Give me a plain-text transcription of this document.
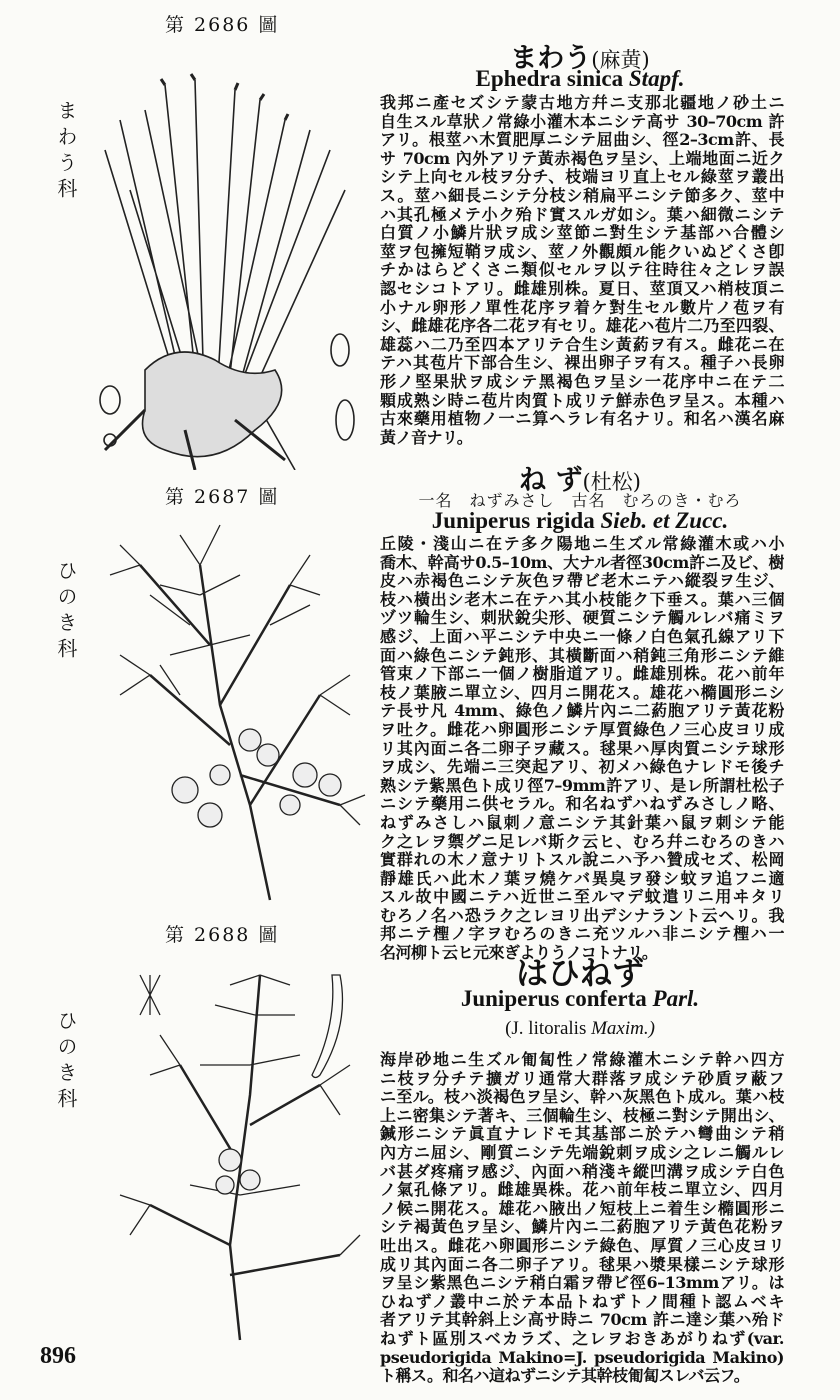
第 2686 圖
まわう科
第 2687 圖
ひのき科
第 2688 圖
ひのき科
まわう(麻黄)
Ephedra sinica Stapf.
我邦ニ產セズシテ蒙古地方幷ニ支那北疆地ノ砂土ニ
自生スル草狀ノ常綠小灌木本ニシテ高サ 30–70cm 許
アリ。根莖ハ木質肥厚ニシテ屈曲シ、徑2–3cm許、長
サ 70cm 內外アリテ黃赤褐色ヲ呈シ、上端地面ニ近ク
シテ上向セル枝ヲ分チ、枝端ヨリ直上セル綠莖ヲ叢出
ス。莖ハ細長ニシテ分枝シ稍扁平ニシテ節多ク、莖中
ハ其孔極メテ小ク殆ド實スルガ如シ。葉ハ細微ニシテ
白質ノ小鱗片狀ヲ成シ莖節ニ對生シテ基部ハ合體シ
莖ヲ包擁短鞘ヲ成シ、莖ノ外觀頗ル能クいぬどくさ卽
チかはらどくさニ類似セルヲ以テ往時往々之レヲ誤
認セシコトアリ。雌雄別株。夏日、莖頂又ハ梢枝頂ニ
小ナル卵形ノ單性花序ヲ着ケ對生セル數片ノ苞ヲ有
シ、雌雄花序各二花ヲ有セリ。雄花ハ苞片二乃至四裂、
雄蕊ハ二乃至四本アリテ合生シ黃葯ヲ有ス。雌花ニ在
テハ其苞片下部合生シ、裸出卵子ヲ有ス。種子ハ長卵
形ノ堅果狀ヲ成シテ黑褐色ヲ呈シ一花序中ニ在テ二
顆成熟シ時ニ苞片肉質ト成リテ鮮赤色ヲ呈ス。本種ハ
古來藥用植物ノ一ニ算ヘラレ有名ナリ。和名ハ漢名麻
黃ノ音ナリ。
ね ず(杜松)
一名　ねずみさし　古名　むろのき・むろ
Juniperus rigida Sieb. et Zucc.
丘陵・淺山ニ在テ多ク陽地ニ生ズル常綠灌木或ハ小
喬木、幹高サ0.5–10m、大ナル者徑30cm許ニ及ビ、樹
皮ハ赤褐色ニシテ灰色ヲ帶ビ老木ニテハ縱裂ヲ生ジ、
枝ハ橫出シ老木ニ在テハ其小枝能ク下垂ス。葉ハ三個
ヅツ輪生シ、刺狀銳尖形、硬質ニシテ觸ルレバ痛ミヲ
感ジ、上面ハ平ニシテ中央ニ一條ノ白色氣孔線アリ下
面ハ綠色ニシテ鈍形、其橫斷面ハ稍鈍三角形ニシテ維
管束ノ下部ニ一個ノ樹脂道アリ。雌雄別株。花ハ前年
枝ノ葉腋ニ單立シ、四月ニ開花ス。雄花ハ橢圓形ニシ
テ長サ凡 4mm、綠色ノ鱗片內ニ二葯胞アリテ黃花粉
ヲ吐ク。雌花ハ卵圓形ニシテ厚質綠色ノ三心皮ヨリ成
リ其內面ニ各二卵子ヲ藏ス。毬果ハ厚肉質ニシテ球形
ヲ成シ、先端ニ三突起アリ、初メハ綠色ナレドモ後チ
熟シテ紫黑色ト成リ徑7–9mm許アリ、是レ所謂杜松子
ニシテ藥用ニ供セラル。和名ねずハねずみさしノ略、
ねずみさしハ鼠刺ノ意ニシテ其針葉ハ鼠ヲ刺シテ能
ク之レヲ禦グニ足レバ斯ク云ヒ、むろ幷ニむろのきハ
實群れの木ノ意ナリトスル說ニハ予ハ贊成セズ、松岡
靜雄氏ハ此木ノ葉ヲ燒ケバ異臭ヲ發シ蚊ヲ追フニ適
スル故中國ニテハ近世ニ至ルマデ蚊遣リニ用ヰタリ
むろノ名ハ恐ラク之レヨリ出デシナラント云ヘリ。我
邦ニテ檉ノ字ヲむろのきニ充ツルハ非ニシテ檉ハ一
名河柳ト云ヒ元來ぎよりうノコトナリ。
はひねず
Juniperus conferta Parl.
(J. litoralis Maxim.)
海岸砂地ニ生ズル匍匐性ノ常綠灌木ニシテ幹ハ四方
ニ枝ヲ分チテ擴ガリ通常大群落ヲ成シテ砂貭ヲ蔽フ
ニ至ル。枝ハ淡褐色ヲ呈シ、幹ハ灰黑色ト成ル。葉ハ枝
上ニ密集シテ著キ、三個輪生シ、枝極ニ對シテ開出シ、
鍼形ニシテ眞直ナレドモ其基部ニ於テハ彎曲シテ稍
內方ニ屈シ、剛質ニシテ先端銳刺ヲ成シ之レニ觸ルレ
バ甚ダ疼痛ヲ感ジ、內面ハ稍淺キ縱凹溝ヲ成シテ白色
ノ氣孔條アリ。雌雄異株。花ハ前年枝ニ單立シ、四月
ノ候ニ開花ス。雄花ハ腋出ノ短枝上ニ着生シ橢圓形ニ
シテ褐黃色ヲ呈シ、鱗片內ニ二葯胞アリテ黃色花粉ヲ
吐出ス。雌花ハ卵圓形ニシテ綠色、厚質ノ三心皮ヨリ
成リ其內面ニ各二卵子アリ。毬果ハ漿果樣ニシテ球形
ヲ呈シ紫黑色ニシテ稍白霜ヲ帶ビ徑6–13mmアリ。は
ひねずノ叢中ニ於テ本品トねずトノ間種ト認ムベキ
者アリテ其幹斜上シ高サ時ニ 70cm 許ニ達シ葉ハ殆ド
ねずト區別スベカラズ、之レヲおきあがりねず(var.
pseudorigida Makino=J. pseudorigida Makino)
ト稱ス。和名ハ這ねずニシテ其幹枝匍匐スレバ云フ。
896
